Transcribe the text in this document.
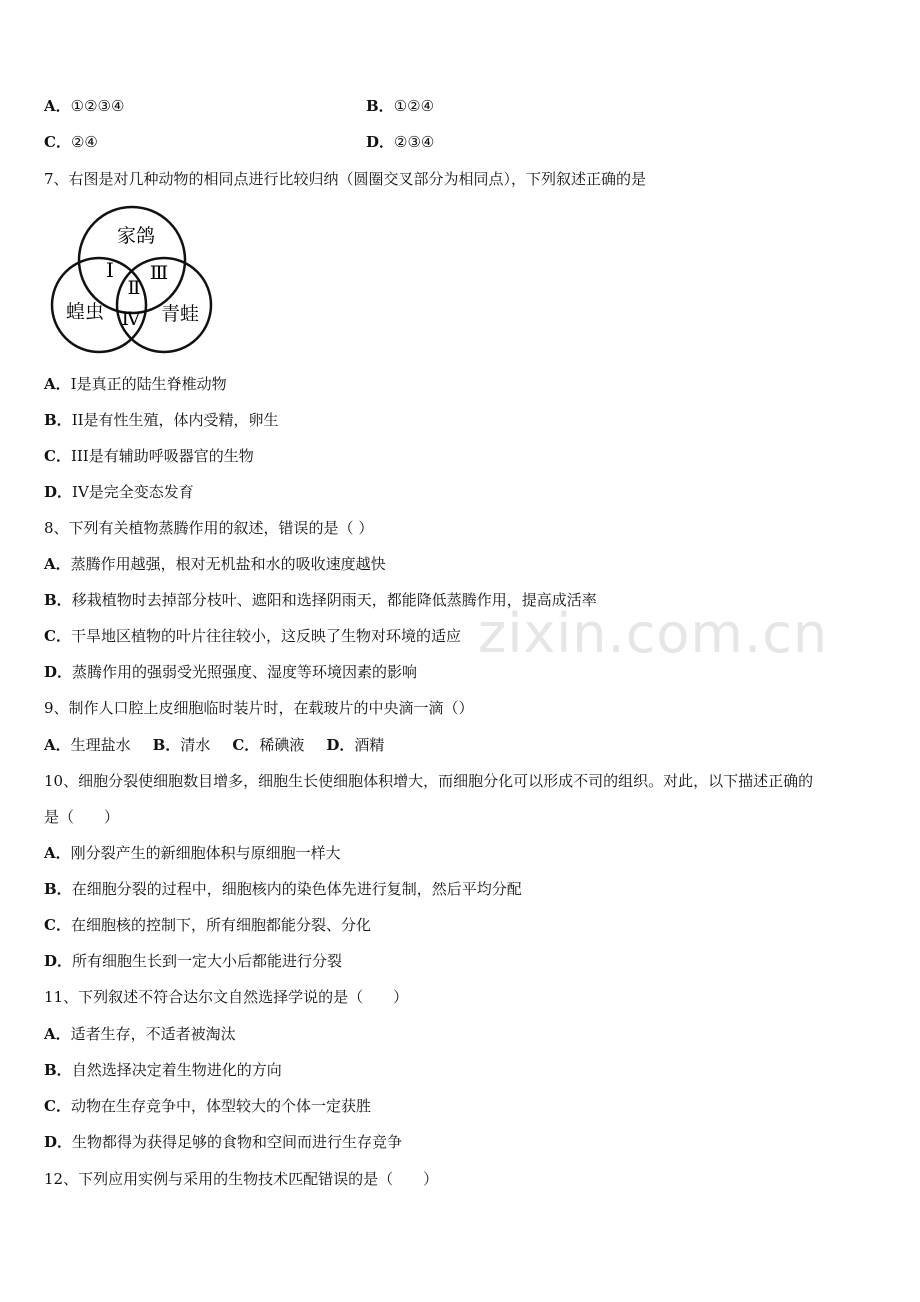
zixin.com.cn
A．①②③④	B．①②④
C．②④	D．②③④
7、右图是对几种动物的相同点进行比较归纳（圆圈交叉部分为相同点），下列叙述正确的是
家鸽
蝗虫	青蛙
Ⅰ
Ⅱ
Ⅲ
Ⅳ
A．I是真正的陆生脊椎动物
B．II是有性生殖，体内受精，卵生
C．III是有辅助呼吸器官的生物
D．IV是完全变态发育
8、下列有关植物蒸腾作用的叙述，错误的是（ ）
A．蒸腾作用越强，根对无机盐和水的吸收速度越快
B．移栽植物时去掉部分枝叶、遮阳和选择阴雨天，都能降低蒸腾作用，提高成活率
C．干旱地区植物的叶片往往较小，这反映了生物对环境的适应
D．蒸腾作用的强弱受光照强度、湿度等环境因素的影响
9、制作人口腔上皮细胞临时装片时，在载玻片的中央滴一滴（）
A．生理盐水 B．清水 C．稀碘液 D．酒精
10、细胞分裂使细胞数目增多，细胞生长使细胞体积增大，而细胞分化可以形成不司的组织。对此，以下描述正确的
是（　　）
A．刚分裂产生的新细胞体积与原细胞一样大
B．在细胞分裂的过程中，细胞核内的染色体先进行复制，然后平均分配
C．在细胞核的控制下，所有细胞都能分裂、分化
D．所有细胞生长到一定大小后都能进行分裂
11、下列叙述不符合达尔文自然选择学说的是（　　）
A．适者生存，不适者被淘汰
B．自然选择决定着生物进化的方向
C．动物在生存竞争中，体型较大的个体一定获胜
D．生物都得为获得足够的食物和空间而进行生存竞争
12、下列应用实例与采用的生物技术匹配错误的是（　　）
